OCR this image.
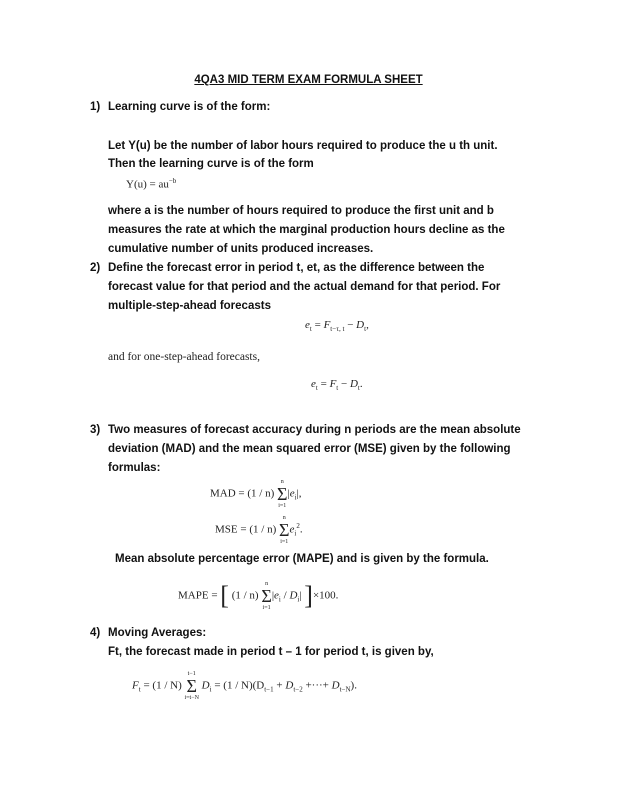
4QA3 MID TERM EXAM FORMULA SHEET
1) Learning curve is of the form:
Let Y(u) be the number of labor hours required to produce the u th unit.
Then the learning curve is of the form
$Y(u) = au^{-b}$
where a is the number of hours required to produce the first unit and b
measures the rate at which the marginal production hours decline as the
cumulative number of units produced increases.
2) Define the forecast error in period t, et, as the difference between the
forecast value for that period and the actual demand for that period. For
multiple-step-ahead forecasts
$e_t = F_{t-\tau, t} - D_t$,
and for one-step-ahead forecasts,
$e_t = F_t - D_t$.
3) Two measures of forecast accuracy during n periods are the mean absolute
deviation (MAD) and the mean squared error (MSE) given by the following
formulas:
MAD = (1 / n)
n
Σ
i=1
$|e_i|$,
MSE = (1 / n)
n
Σ
i=1
$e_i^2$.
Mean absolute percentage error (MAPE) and is given by the formula.
MAPE = [ (1 / n)
n
Σ
i=1
$|e_i / D_i|$ ]×100.
4) Moving Averages:
Ft, the forecast made in period t – 1 for period t, is given by,
$F_t = (1 / N)$
t−1
Σ
i=t−N
$D_i = (1 / N)(D_{t-1} + D_{t-2}$ +···+ $D_{t-N}$).
